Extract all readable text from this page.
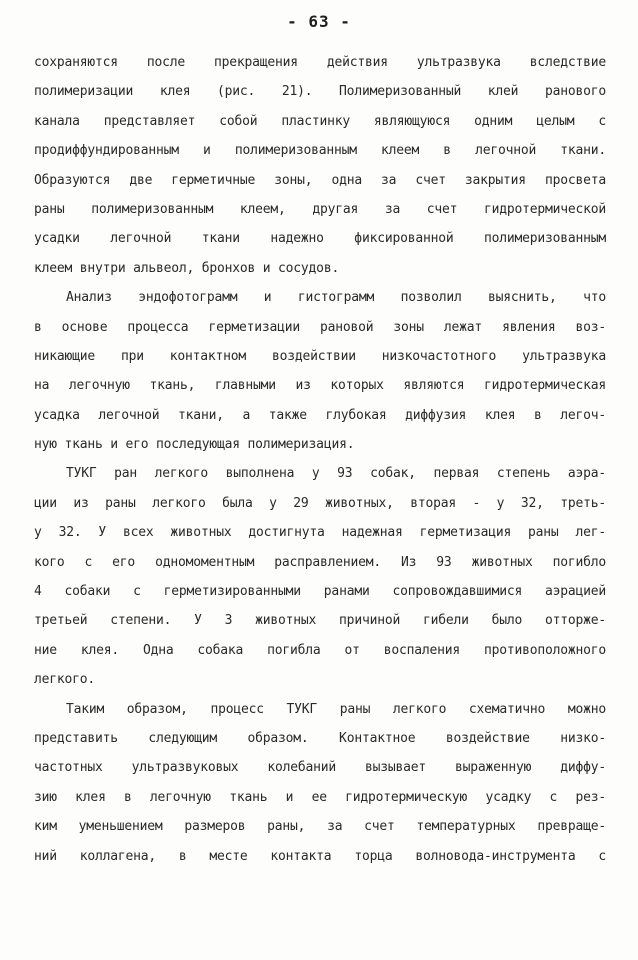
- 63 -
сохраняются после прекращения действия ультразвука вследствие
полимеризации клея (рис. 21). Полимеризованный клей ранового
канала представляет собой пластинку являющуюся одним целым с
продиффундированным и полимеризованным клеем в легочной ткани.
Образуются две герметичные зоны, одна за счет закрытия просвета
раны полимеризованным клеем, другая за счет гидротермической
усадки легочной ткани надежно фиксированной полимеризованным
клеем внутри альвеол, бронхов и сосудов.
Анализ эндофотограмм и гистограмм позволил выяснить, что
в основе процесса герметизации рановой зоны лежат явления воз-
никающие при контактном воздействии низкочастотного ультразвука
на легочную ткань, главными из которых являются гидротермическая
усадка легочной ткани, а также глубокая диффузия клея в легоч-
ную ткань и его последующая полимеризация.
ТУКГ ран легкого выполнена у 93 собак, первая степень аэра-
ции из раны легкого была у 29 животных, вторая - у 32, треть-
у 32. У всех животных достигнута надежная герметизация раны лег-
кого с его одномоментным расправлением. Из 93 животных погибло
4 собаки с герметизированными ранами сопровождавшимися аэрацией
третьей степени. У 3 животных причиной гибели было отторже-
ние клея. Одна собака погибла от воспаления противоположного
легкого.
Таким образом, процесс ТУКГ раны легкого схематично можно
представить следующим образом. Контактное воздействие низко-
частотных ультразвуковых колебаний вызывает выраженную диффу-
зию клея в легочную ткань и ее гидротермическую усадку с рез-
ким уменьшением размеров раны, за счет температурных превраще-
ний коллагена, в месте контакта торца волновода-инструмента с
